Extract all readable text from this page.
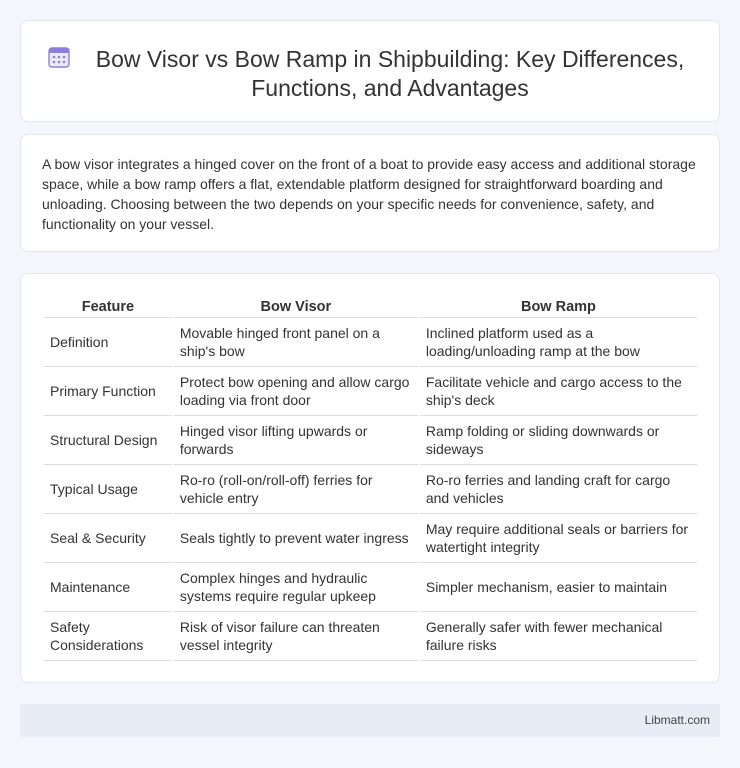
Bow Visor vs Bow Ramp in Shipbuilding: Key Differences, Functions, and Advantages

A bow visor integrates a hinged cover on the front of a boat to provide easy access and additional storage space, while a bow ramp offers a flat, extendable platform designed for straightforward boarding and unloading. Choosing between the two depends on your specific needs for convenience, safety, and functionality on your vessel.

Feature	Bow Visor	Bow Ramp
Definition	Movable hinged front panel on a ship's bow	Inclined platform used as a loading/unloading ramp at the bow
Primary Function	Protect bow opening and allow cargo loading via front door	Facilitate vehicle and cargo access to the ship's deck
Structural Design	Hinged visor lifting upwards or forwards	Ramp folding or sliding downwards or sideways
Typical Usage	Ro-ro (roll-on/roll-off) ferries for vehicle entry	Ro-ro ferries and landing craft for cargo and vehicles
Seal & Security	Seals tightly to prevent water ingress	May require additional seals or barriers for watertight integrity
Maintenance	Complex hinges and hydraulic systems require regular upkeep	Simpler mechanism, easier to maintain
Safety Considerations	Risk of visor failure can threaten vessel integrity	Generally safer with fewer mechanical failure risks
Libmatt.com
